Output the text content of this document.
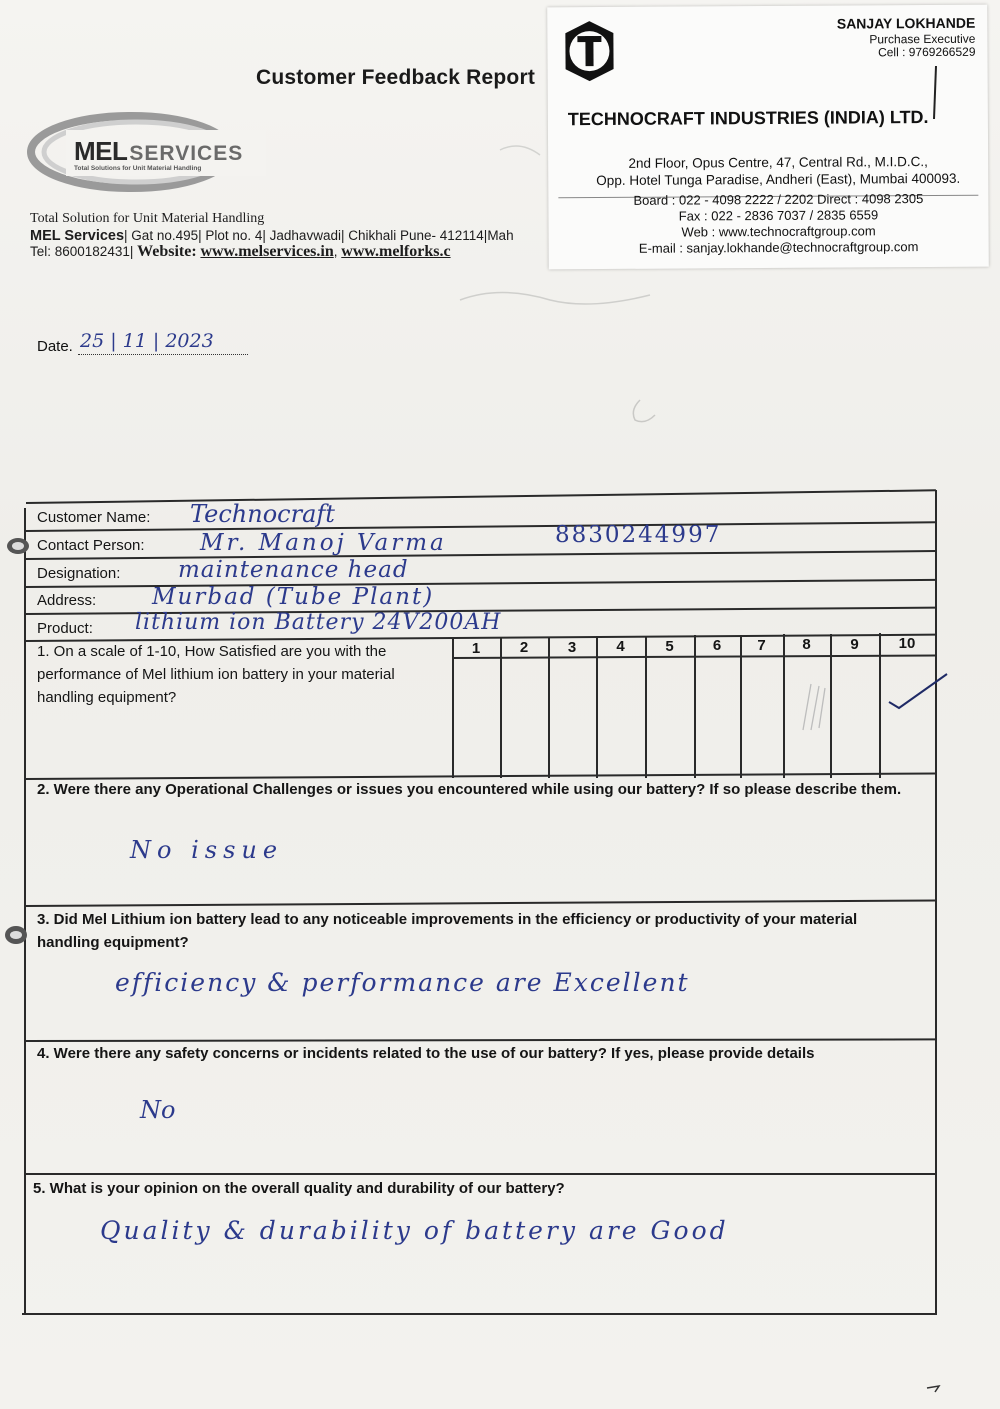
Customer Feedback Report
MELSERVICES
Total Solutions for Unit Material Handling
Total Solution for Unit Material Handling
MEL Services| Gat no.495| Plot no. 4| Jadhavwadi| Chikhali Pune- 412114|Mah
Tel: 8600182431| Website: www.melservices.in, www.melforks.c
SANJAY LOKHANDE
Purchase Executive
Cell : 9769266529
TECHNOCRAFT INDUSTRIES (INDIA) LTD.
2nd Floor, Opus Centre, 47, Central Rd., M.I.D.C.,
Opp. Hotel Tunga Paradise, Andheri (East), Mumbai 400093.
Board : 022 - 4098 2222 / 2202 Direct : 4098 2305
Fax : 022 - 2836 7037 / 2835 6559
Web : www.technocraftgroup.com
E-mail : sanjay.lokhande@technocraftgroup.com
Date. 25 | 11 | 2023
Customer Name: Technocraft
Contact Person: Mr. Manoj Varma	8830244997
Designation:	maintenance head
Address: Murbad (Tube Plant)
Product: lithium ion Battery 24V200AH
1. On a scale of 1-10, How Satisfied are you with the performance of Mel lithium ion battery in your material handling equipment?
1	2	3	4	5	6	7	8	9	10
2. Were there any Operational Challenges or issues you encountered while using our battery? If so please describe them.
No issue
3. Did Mel Lithium ion battery lead to any noticeable improvements in the efficiency or productivity of your material handling equipment?
efficiency & performance are Excellent
4. Were there any safety concerns or incidents related to the use of our battery? If yes, please provide details
No
5. What is your opinion on the overall quality and durability of our battery?
Quality & durability of battery are Good
